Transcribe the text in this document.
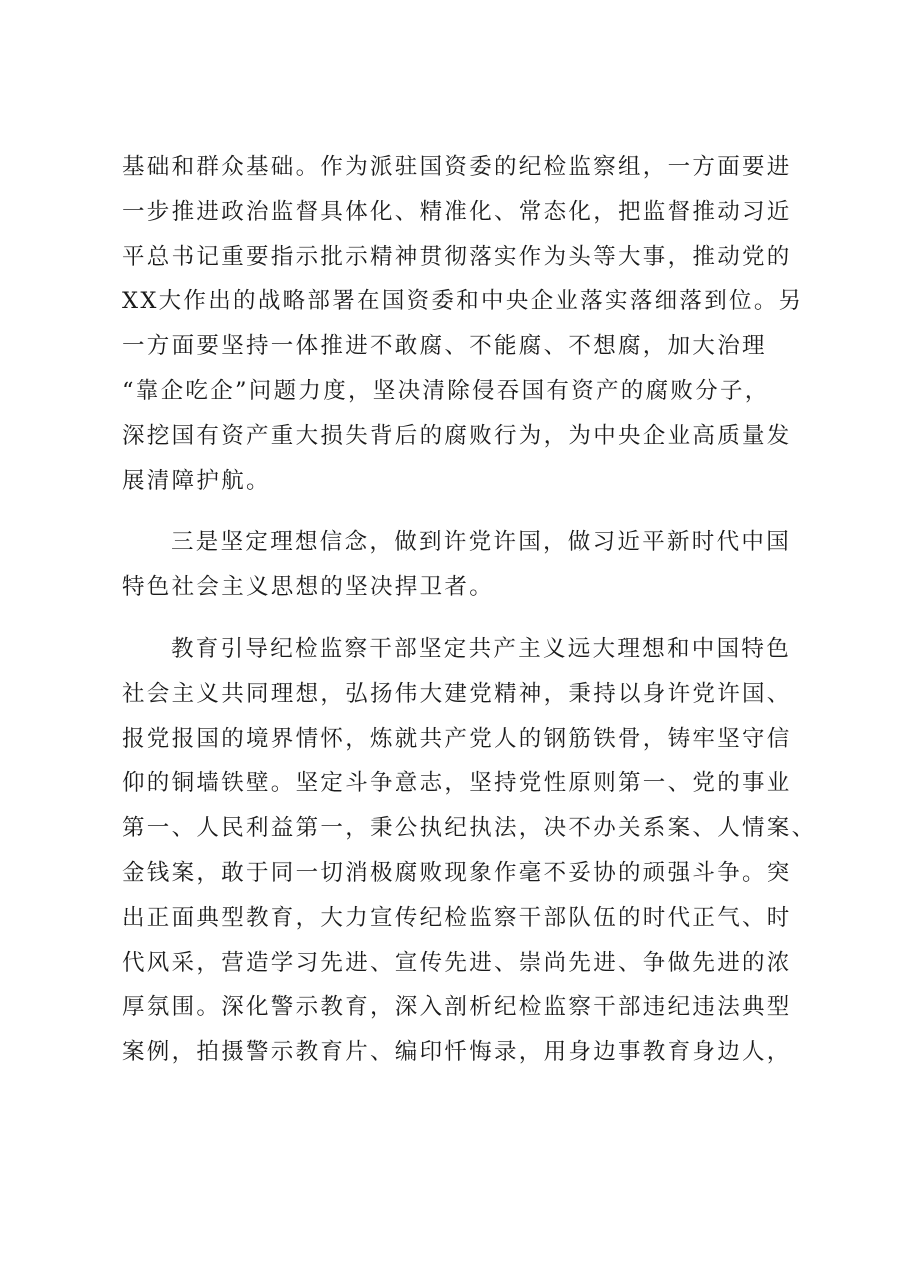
基础和群众基础。作为派驻国资委的纪检监察组，一方面要进
一步推进政治监督具体化、精准化、常态化，把监督推动习近
平总书记重要指示批示精神贯彻落实作为头等大事，推动党的
XX大作出的战略部署在国资委和中央企业落实落细落到位。另
一方面要坚持一体推进不敢腐、不能腐、不想腐，加大治理
“靠企吃企”问题力度，坚决清除侵吞国有资产的腐败分子，
深挖国有资产重大损失背后的腐败行为，为中央企业高质量发
展清障护航。
三是坚定理想信念，做到许党许国，做习近平新时代中国
特色社会主义思想的坚决捍卫者。
教育引导纪检监察干部坚定共产主义远大理想和中国特色
社会主义共同理想，弘扬伟大建党精神，秉持以身许党许国、
报党报国的境界情怀，炼就共产党人的钢筋铁骨，铸牢坚守信
仰的铜墙铁壁。坚定斗争意志，坚持党性原则第一、党的事业
第一、人民利益第一，秉公执纪执法，决不办关系案、人情案、
金钱案，敢于同一切消极腐败现象作毫不妥协的顽强斗争。突
出正面典型教育，大力宣传纪检监察干部队伍的时代正气、时
代风采，营造学习先进、宣传先进、崇尚先进、争做先进的浓
厚氛围。深化警示教育，深入剖析纪检监察干部违纪违法典型
案例，拍摄警示教育片、编印忏悔录，用身边事教育身边人，
